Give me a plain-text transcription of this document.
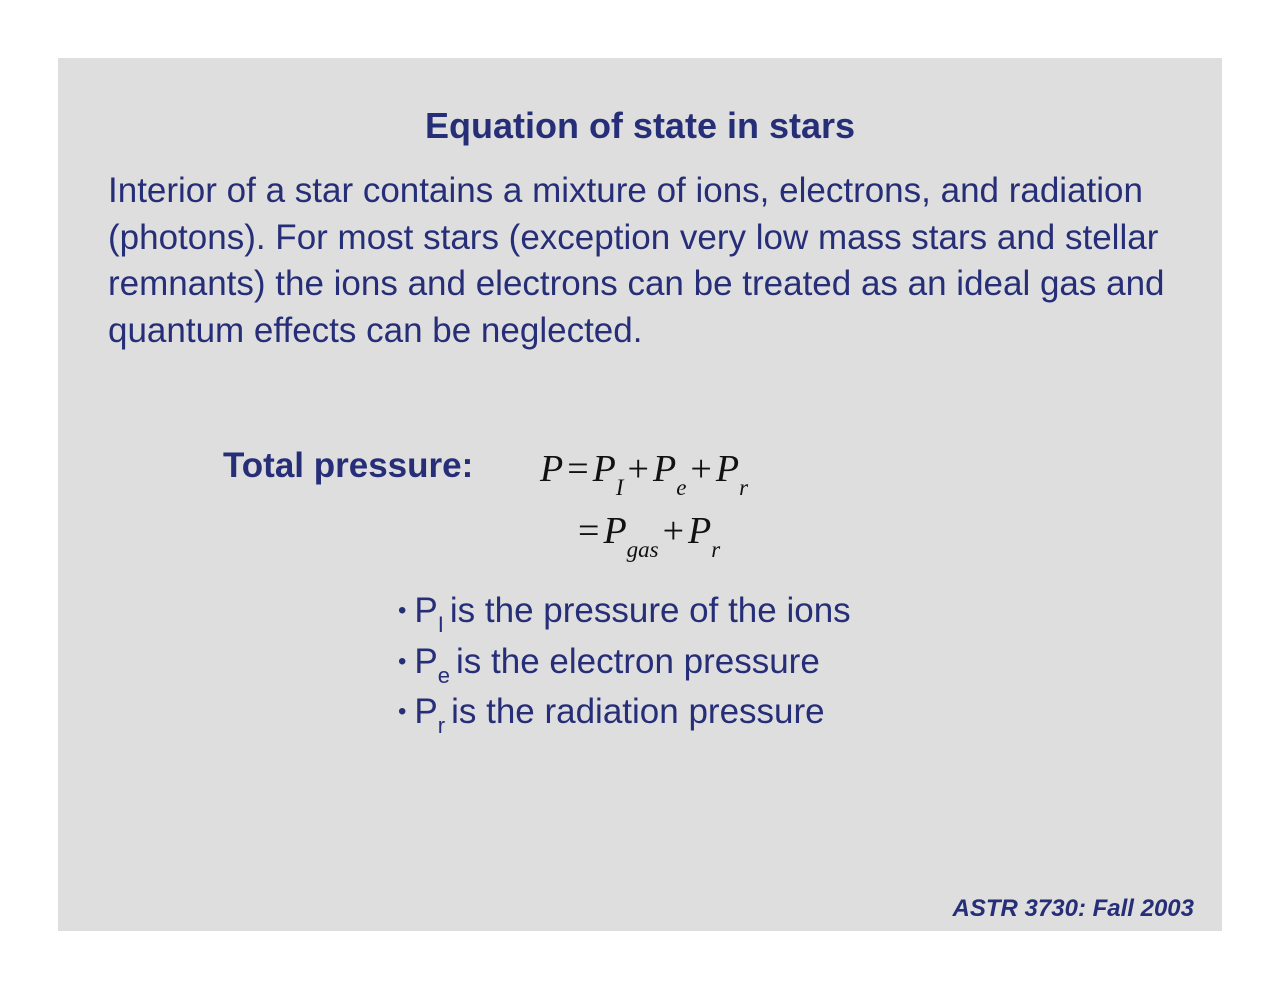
Equation of state in stars

Interior of a star contains a mixture of ions, electrons, and radiation (photons). For most stars (exception very low mass stars and stellar remnants) the ions and electrons can be treated as an ideal gas and quantum effects can be neglected.

Total pressure: $P = P_I + P_e + P_r$
= $P_{gas} + P_r$
• $P_I$ is the pressure of the ions
• $P_e$ is the electron pressure
• $P_r$ is the radiation pressure
ASTR 3730: Fall 2003
